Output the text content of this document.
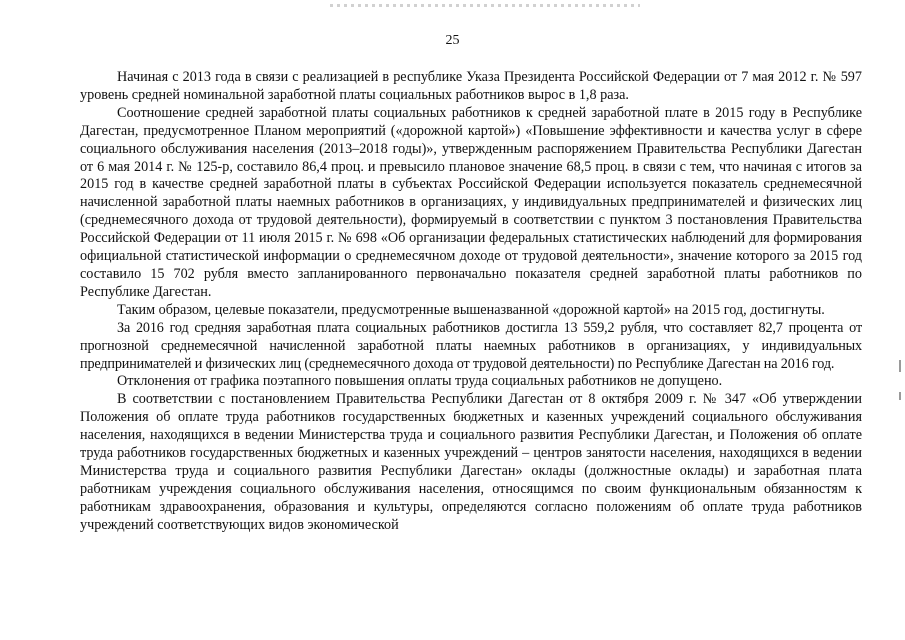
25

Начиная с 2013 года в связи с реализацией в республике Указа Президента Российской Федерации от 7 мая 2012 г. № 597 уровень средней номинальной заработной платы социальных работников вырос в 1,8 раза.

Соотношение средней заработной платы социальных работников к средней заработной плате в 2015 году в Республике Дагестан, предусмотренное Планом мероприятий («дорожной картой») «Повышение эффективности и качества услуг в сфере социального обслуживания населения (2013–2018 годы)», утвержденным распоряжением Правительства Республики Дагестан от 6 мая 2014 г. № 125-р, составило 86,4 проц. и превысило плановое значение 68,5 проц. в связи с тем, что начиная с итогов за 2015 год в качестве средней заработной платы в субъектах Российской Федерации используется показатель среднемесячной начисленной заработной платы наемных работников в организациях, у индивидуальных предпринимателей и физических лиц (среднемесячного дохода от трудовой деятельности), формируемый в соответствии с пунктом 3 постановления Правительства Российской Федерации от 11 июля 2015 г. № 698 «Об организации федеральных статистических наблюдений для формирования официальной статистической информации о среднемесячном доходе от трудовой деятельности», значение которого за 2015 год составило 15 702 рубля вместо запланированного первоначально показателя средней заработной платы работников по Республике Дагестан.

Таким образом, целевые показатели, предусмотренные вышеназванной «дорожной картой» на 2015 год, достигнуты.

За 2016 год средняя заработная плата социальных работников достигла 13 559,2 рубля, что составляет 82,7 процента от прогнозной среднемесячной начисленной заработной платы наемных работников в организациях, у индивидуальных предпринимателей и физических лиц (среднемесячного дохода от трудовой деятельности) по Республике Дагестан на 2016 год.

Отклонения от графика поэтапного повышения оплаты труда социальных работников не допущено.

В соответствии с постановлением Правительства Республики Дагестан от 8 октября 2009 г. № 347 «Об утверждении Положения об оплате труда работников государственных бюджетных и казенных учреждений социального обслуживания населения, находящихся в ведении Министерства труда и социального развития Республики Дагестан, и Положения об оплате труда работников государственных бюджетных и казенных учреждений – центров занятости населения, находящихся в ведении Министерства труда и социального развития Республики Дагестан» оклады (должностные оклады) и заработная плата работникам учреждения социального обслуживания населения, относящимся по своим функциональным обязанностям к работникам здравоохранения, образования и культуры, определяются согласно положениям об оплате труда работников учреждений соответствующих видов экономической
